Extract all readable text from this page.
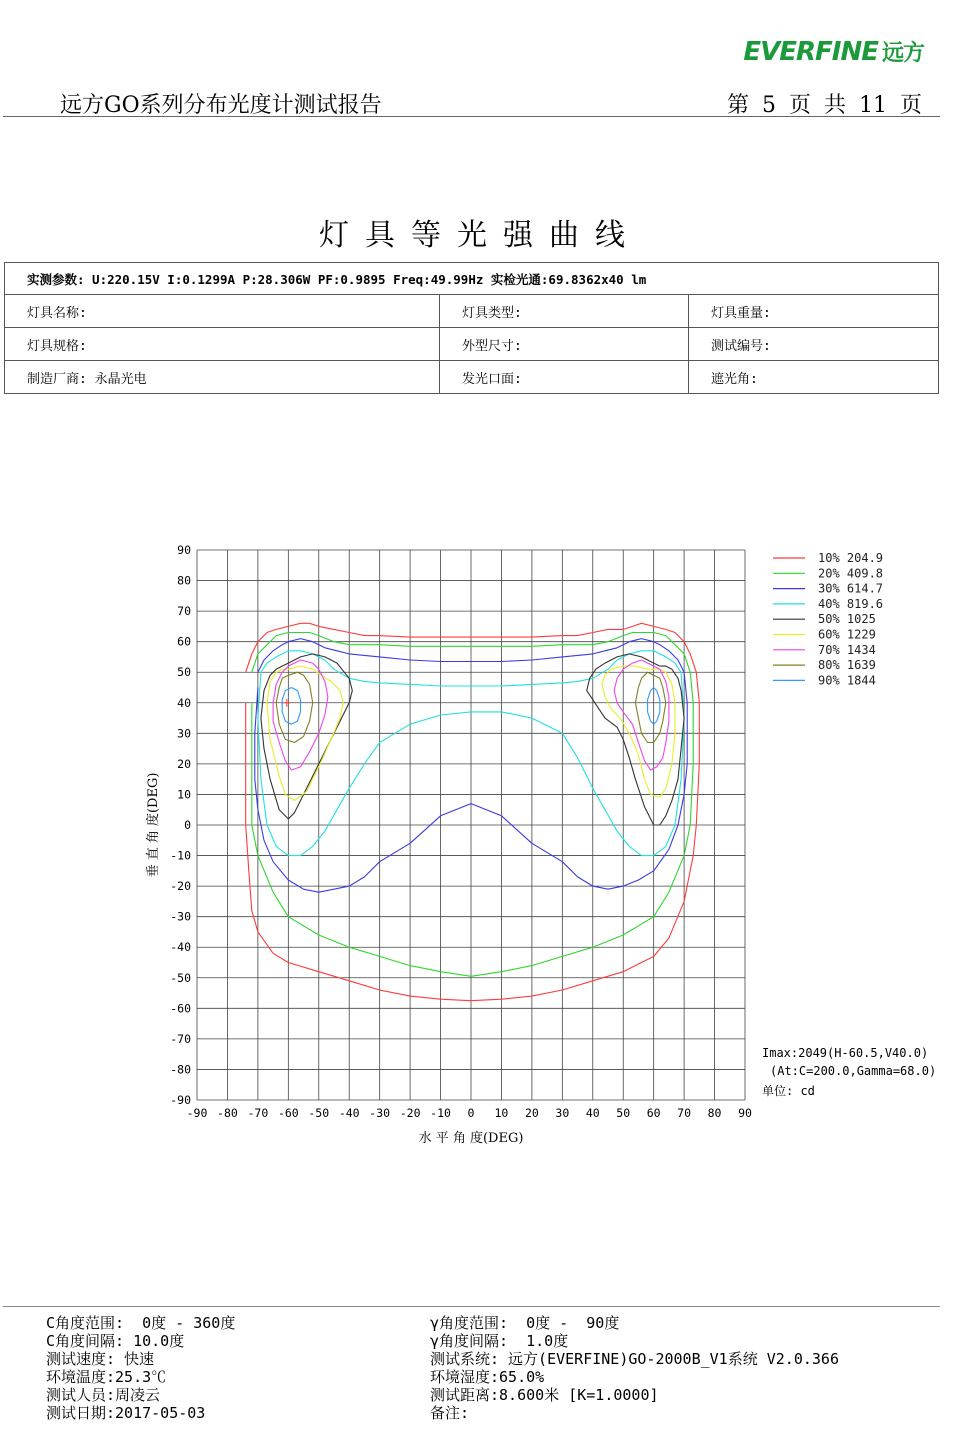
EVERFINE 远方
远方GO系列分布光度计测试报告	第 5 页 共 11 页
灯具等光强曲线
实测参数: U:220.15V I:0.1299A P:28.306W PF:0.9895 Freq:49.99Hz 实检光通:69.8362x40 lm		
灯具名称:	灯具类型:	灯具重量:
灯具规格:	外型尺寸:	测试编号:
制造厂商: 永晶光电	发光口面:	遮光角:
-90 -80 -70 -60 -50 -40 -30 -20 -10 0 10 20 30 40 50 60 70 80 90
90
80
70
60
50
40
30
20
10
0
-10
-20
-30
-40
-50
-60
-70
-80
-90
水 平 角 度(DEG)
垂 直 角 度(DEG)
10% 204.9
20% 409.8
30% 614.7
40% 819.6
50% 1025
60% 1229
70% 1434
80% 1639
90% 1844
Imax:2049(H-60.5,V40.0)
(At:C=200.0,Gamma=68.0)
单位: cd
C角度范围:  0度 - 360度
C角度间隔: 10.0度
测试速度: 快速
环境温度:25.3℃
测试人员:周凌云
测试日期:2017-05-03
γ角度范围:  0度 -  90度
γ角度间隔:  1.0度
测试系统: 远方(EVERFINE)GO-2000B_V1系统 V2.0.366
环境湿度:65.0%
测试距离:8.600米 [K=1.0000]
备注:
